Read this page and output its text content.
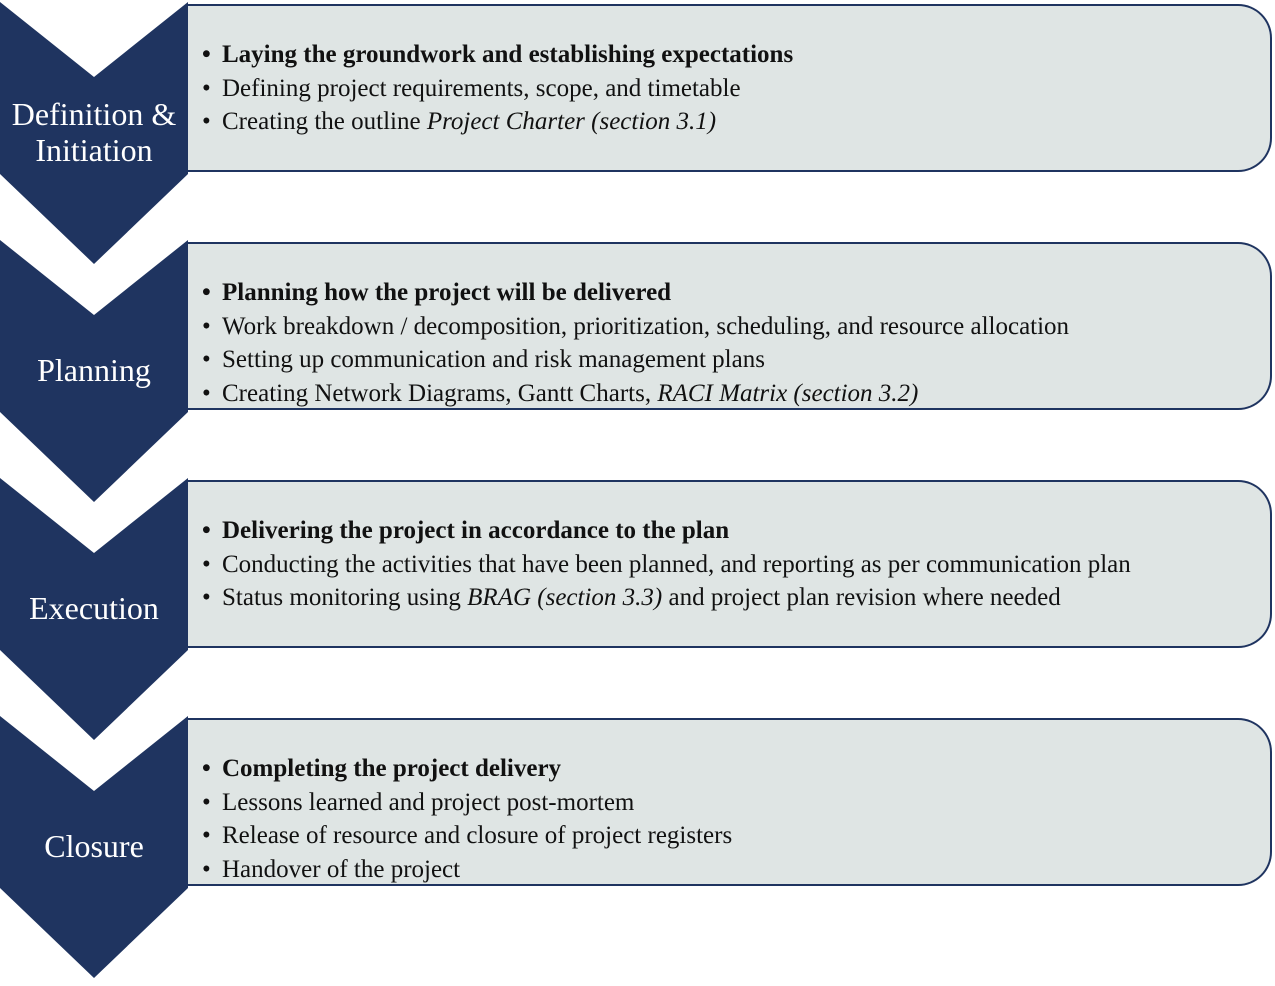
• Laying the groundwork and establishing expectations
• Defining project requirements, scope, and timetable
• Creating the outline Project Charter (section 3.1)
Definition &
Initiation
• Planning how the project will be delivered
• Work breakdown / decomposition, prioritization, scheduling, and resource allocation
• Setting up communication and risk management plans
• Creating Network Diagrams, Gantt Charts, RACI Matrix (section 3.2)
Planning
• Delivering the project in accordance to the plan
• Conducting the activities that have been planned, and reporting as per communication plan
• Status monitoring using BRAG (section 3.3) and project plan revision where needed
Execution
• Completing the project delivery
• Lessons learned and project post-mortem
• Release of resource and closure of project registers
• Handover of the project
Closure
